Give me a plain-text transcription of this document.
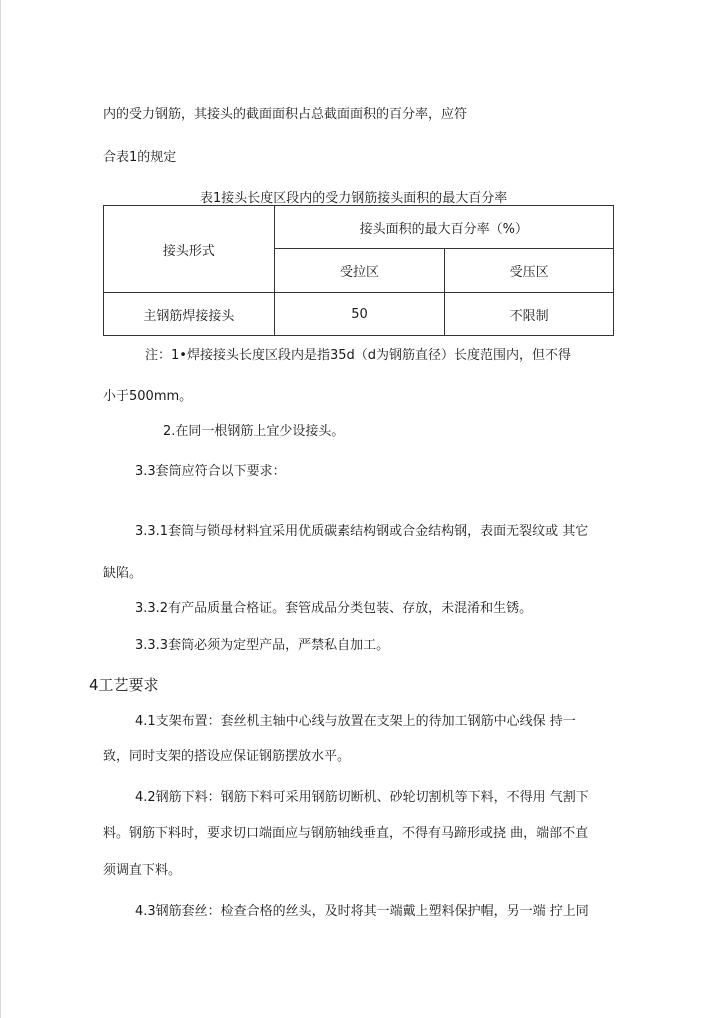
内的受力钢筋，其接头的截面面积占总截面面积的百分率，应符
合表1的规定
表1接头长度区段内的受力钢筋接头面积的最大百分率
接头形式	接头面积的最大百分率（%）	
	受拉区	受压区
主钢筋焊接接头	50	不限制
注：1•焊接接头长度区段内是指35d（d为钢筋直径）长度范围内，但不得
小于500mm。
2.在同一根钢筋上宜少设接头。
3.3套筒应符合以下要求：
3.3.1套筒与锁母材料宜采用优质碳素结构钢或合金结构钢，表面无裂纹或 其它
缺陷。
3.3.2有产品质量合格证。套管成品分类包装、存放，未混淆和生锈。
3.3.3套筒必须为定型产品，严禁私自加工。
4工艺要求
4.1支架布置：套丝机主轴中心线与放置在支架上的待加工钢筋中心线保 持一
致，同时支架的搭设应保证钢筋摆放水平。
4.2钢筋下料：钢筋下料可采用钢筋切断机、砂轮切割机等下料，不得用 气割下
料。钢筋下料时，要求切口端面应与钢筋轴线垂直，不得有马蹄形或挠 曲，端部不直
须调直下料。
4.3钢筋套丝：检查合格的丝头，及时将其一端戴上塑料保护帽，另一端 拧上同
